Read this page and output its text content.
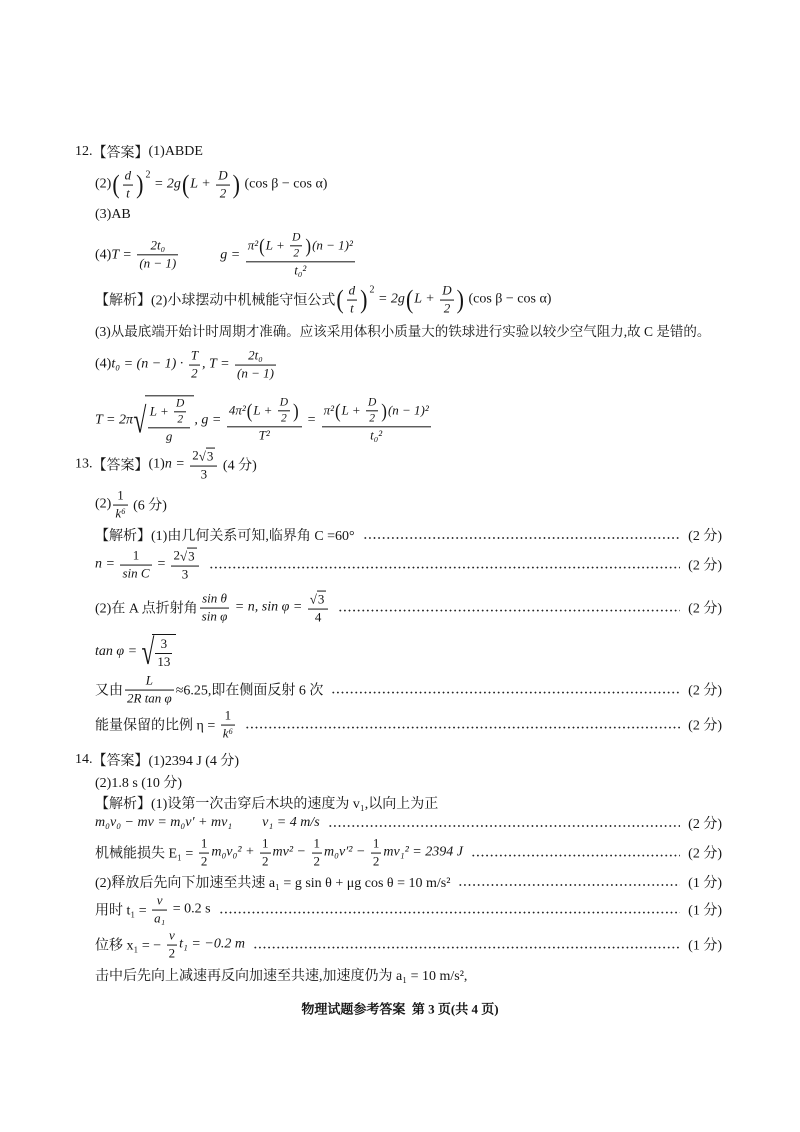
12. 【答案】 (1)ABDE
(2) ( $\frac{d}{t}$ ) 2
= 2g ( $L + \frac{D}{2}$ ) (cos β − cos α)
(3)AB
(4) $T = \frac{\text{2t₀}}{(n - 1)}$	g =
π² ( $L + \frac{D}{2}$ ) (n − 1)²
t₀²
【解析】 (2)小球摆动中机械能守恒公式 ( $\frac{d}{t}$ ) 2
= 2g ( $L + \frac{D}{2}$ ) (cos β − cos α)
(3)从最底端开始计时周期才准确。应该采用体积小质量大的铁球进行实验以较少空气阻力,故 C 是错的。
(4) $t_0 = (n - 1) \cdot \frac{T}{2}$ , $T = \frac{\text{2t₀}}{(n - 1)}$
T = 2π √ $\frac{L + \frac{D}{2}}{g}$ , g =
4π² ( $L + \frac{D}{2}$ )
T²
=
π² ( $L + \frac{D}{2}$ ) (n − 1)²
t₀²
13. 【答案】 (1) $n = \frac{2 √ 3}{3} (4$ 分)
$(2) \frac{1}{\text{k⁶}} (6$ 分)
【解析】 (1)由几何关系可知,临界角 C =60°	(2 分)
$n = \frac{1}{\text{sin C}} = \frac{2 √ 3}{3}$	(2 分)
(2)在 A 点折射角 $\frac{\text{sin θ}}{\text{sin φ}} = n$, $\sin \varphi = \frac{√ 3}{4}$	(2 分)
tan φ = √ $\frac{3}{13}$
又由 $\frac{L}{\text{2R tan φ}} \approx 6.25$,即在侧面反射 6 次	(2 分)
能量保留的比例 $\eta = \frac{1}{\text{k⁶}}$	(2 分)
14. 【答案】 (1)2394 J (4 分)
(2)1.8 s (10 分)
【解析】 (1)设第一次击穿后木块的速度为 v₁,以向上为正
m₀v₀ − mv = m₀v′ + mv₁ v₁ = 4 m/s	(2 分)
机械能损失 $E_1 = \frac{1}{2} m_0v_0^2 + \frac{1}{2} mv^2 - \frac{1}{2} m_0v'^2 - \frac{1}{2} mv_1^2 = 2394$ J	(2 分)
(2)释放后先向下加速至共速 a₁ = g sin θ + μg cos θ = 10 m/s²	(1 分)
用时 $t_1 = \frac{v}{\text{a₁}} = 0.2$ s	(1 分)
位移 x₁ = − $\frac{v}{2} t_1 = -0.2$ m	(1 分)
击中后先向上减速再反向加速至共速,加速度仍为 a₁ = 10 m/s²,
物理试题参考答案  第 3 页(共 4 页)
